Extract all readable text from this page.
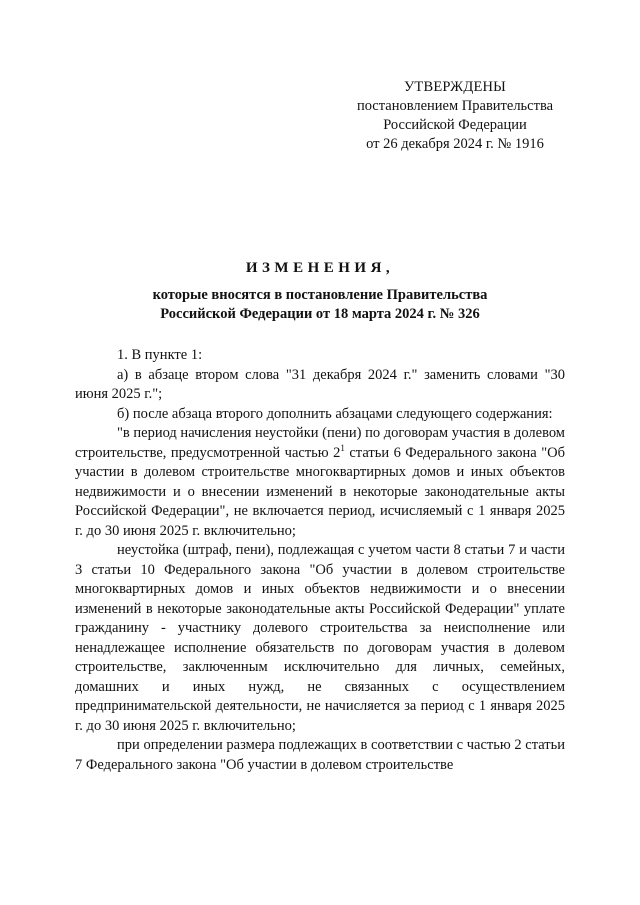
УТВЕРЖДЕНЫ
постановлением Правительства
Российской Федерации
от 26 декабря 2024 г. № 1916
ИЗМЕНЕНИЯ,
которые вносятся в постановление Правительства
Российской Федерации от 18 марта 2024 г. № 326

1. В пункте 1:

а) в абзаце втором слова "31 декабря 2024 г." заменить словами "30 июня 2025 г.";

б) после абзаца второго дополнить абзацами следующего содержания:

"в период начисления неустойки (пени) по договорам участия в долевом строительстве, предусмотренной частью $2^1$ статьи 6 Федерального закона "Об участии в долевом строительстве многоквартирных домов и иных объектов недвижимости и о внесении изменений в некоторые законодательные акты Российской Федерации", не включается период, исчисляемый с 1 января 2025 г. до 30 июня 2025 г. включительно;

неустойка (штраф, пени), подлежащая с учетом части 8 статьи 7 и части 3 статьи 10 Федерального закона "Об участии в долевом строительстве многоквартирных домов и иных объектов недвижимости и о внесении изменений в некоторые законодательные акты Российской Федерации" уплате гражданину - участнику долевого строительства за неисполнение или ненадлежащее исполнение обязательств по договорам участия в долевом строительстве, заключенным исключительно для личных, семейных, домашних и иных нужд, не связанных с осуществлением предпринимательской деятельности, не начисляется за период с 1 января 2025 г. до 30 июня 2025 г. включительно;

при определении размера подлежащих в соответствии с частью 2 статьи 7 Федерального закона "Об участии в долевом строительстве
